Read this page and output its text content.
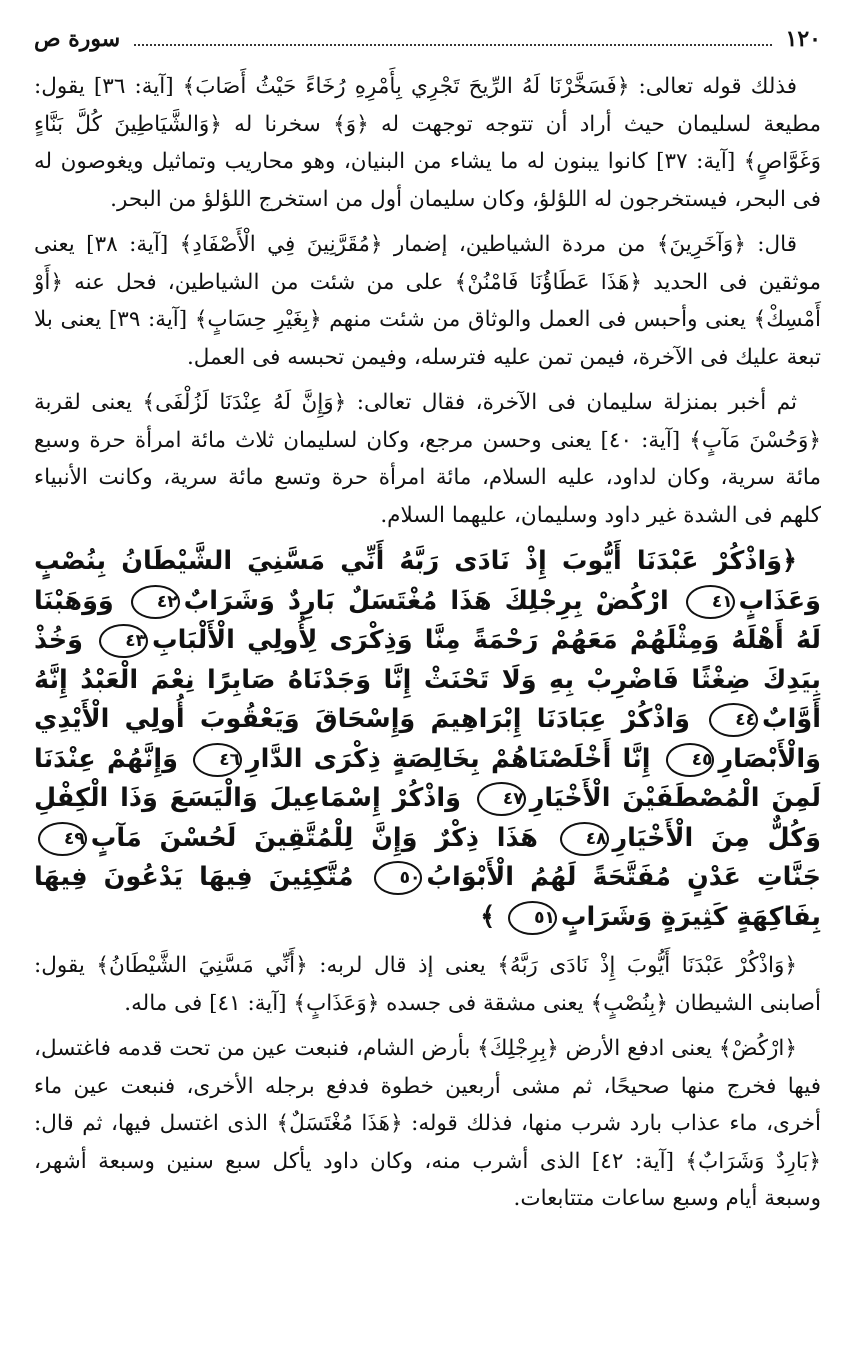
١٢٠
سورة ص

فذلك قوله تعالى: ﴿فَسَخَّرْنَا لَهُ الرِّيحَ تَجْرِي بِأَمْرِهِ رُخَاءً حَيْثُ أَصَابَ﴾ [آية: ٣٦] يقول: مطيعة لسليمان حيث أراد أن تتوجه توجهت له ﴿وَ﴾ سخرنا له ﴿وَالشَّيَاطِينَ كُلَّ بَنَّاءٍ وَغَوَّاصٍ﴾ [آية: ٣٧] كانوا يبنون له ما يشاء من البنيان، وهو محاريب وتماثيل ويغوصون له فى البحر، فيستخرجون له اللؤلؤ، وكان سليمان أول من استخرج اللؤلؤ من البحر.

قال: ﴿وَآخَرِينَ﴾ من مردة الشياطين، إضمار ﴿مُقَرَّنِينَ فِي الْأَصْفَادِ﴾ [آية: ٣٨] يعنى موثقين فى الحديد ﴿هَذَا عَطَاؤُنَا فَامْنُنْ﴾ على من شئت من الشياطين، فحل عنه ﴿أَوْ أَمْسِكْ﴾ يعنى وأحبس فى العمل والوثاق من شئت منهم ﴿بِغَيْرِ حِسَابٍ﴾ [آية: ٣٩] يعنى بلا تبعة عليك فى الآخرة، فيمن تمن عليه فترسله، وفيمن تحبسه فى العمل.

ثم أخبر بمنزلة سليمان فى الآخرة، فقال تعالى: ﴿وَإِنَّ لَهُ عِنْدَنَا لَزُلْفَى﴾ يعنى لقربة ﴿وَحُسْنَ مَآبٍ﴾ [آية: ٤٠] يعنى وحسن مرجع، وكان لسليمان ثلاث مائة امرأة حرة وسبع مائة سرية، وكان لداود، عليه السلام، مائة امرأة حرة وتسع مائة سرية، وكانت الأنبياء كلهم فى الشدة غير داود وسليمان، عليهما السلام.

﴿وَاذْكُرْ عَبْدَنَا أَيُّوبَ إِذْ نَادَى رَبَّهُ أَنِّي مَسَّنِيَ الشَّيْطَانُ بِنُصْبٍ وَعَذَابٍ٤١ ارْكُضْ بِرِجْلِكَ هَذَا مُغْتَسَلٌ بَارِدٌ وَشَرَابٌ٤٢ وَوَهَبْنَا لَهُ أَهْلَهُ وَمِثْلَهُمْ مَعَهُمْ رَحْمَةً مِنَّا وَذِكْرَى لِأُولِي الْأَلْبَابِ٤٣ وَخُذْ بِيَدِكَ ضِغْثًا فَاضْرِبْ بِهِ وَلَا تَحْنَثْ إِنَّا وَجَدْنَاهُ صَابِرًا نِعْمَ الْعَبْدُ إِنَّهُ أَوَّابٌ٤٤ وَاذْكُرْ عِبَادَنَا إِبْرَاهِيمَ وَإِسْحَاقَ وَيَعْقُوبَ أُولِي الْأَيْدِي وَالْأَبْصَارِ٤٥ إِنَّا أَخْلَصْنَاهُمْ بِخَالِصَةٍ ذِكْرَى الدَّارِ٤٦ وَإِنَّهُمْ عِنْدَنَا لَمِنَ الْمُصْطَفَيْنَ الْأَخْيَارِ٤٧ وَاذْكُرْ إِسْمَاعِيلَ وَالْيَسَعَ وَذَا الْكِفْلِ وَكُلٌّ مِنَ الْأَخْيَارِ٤٨ هَذَا ذِكْرٌ وَإِنَّ لِلْمُتَّقِينَ لَحُسْنَ مَآبٍ٤٩ جَنَّاتِ عَدْنٍ مُفَتَّحَةً لَهُمُ الْأَبْوَابُ٥٠ مُتَّكِئِينَ فِيهَا يَدْعُونَ فِيهَا بِفَاكِهَةٍ كَثِيرَةٍ وَشَرَابٍ٥١ ﴾

﴿وَاذْكُرْ عَبْدَنَا أَيُّوبَ إِذْ نَادَى رَبَّهُ﴾ يعنى إذ قال لربه: ﴿أَنِّي مَسَّنِيَ الشَّيْطَانُ﴾ يقول: أصابنى الشيطان ﴿بِنُصْبٍ﴾ يعنى مشقة فى جسده ﴿وَعَذَابٍ﴾ [آية: ٤١] فى ماله.

﴿ارْكُضْ﴾ يعنى ادفع الأرض ﴿بِرِجْلِكَ﴾ بأرض الشام، فنبعت عين من تحت قدمه فاغتسل، فيها فخرج منها صحيحًا، ثم مشى أربعين خطوة فدفع برجله الأخرى، فنبعت عين ماء أخرى، ماء عذاب بارد شرب منها، فذلك قوله: ﴿هَذَا مُغْتَسَلٌ﴾ الذى اغتسل فيها، ثم قال: ﴿بَارِدٌ وَشَرَابٌ﴾ [آية: ٤٢] الذى أشرب منه، وكان داود يأكل سبع سنين وسبعة أشهر، وسبعة أيام وسبع ساعات متتابعات.
